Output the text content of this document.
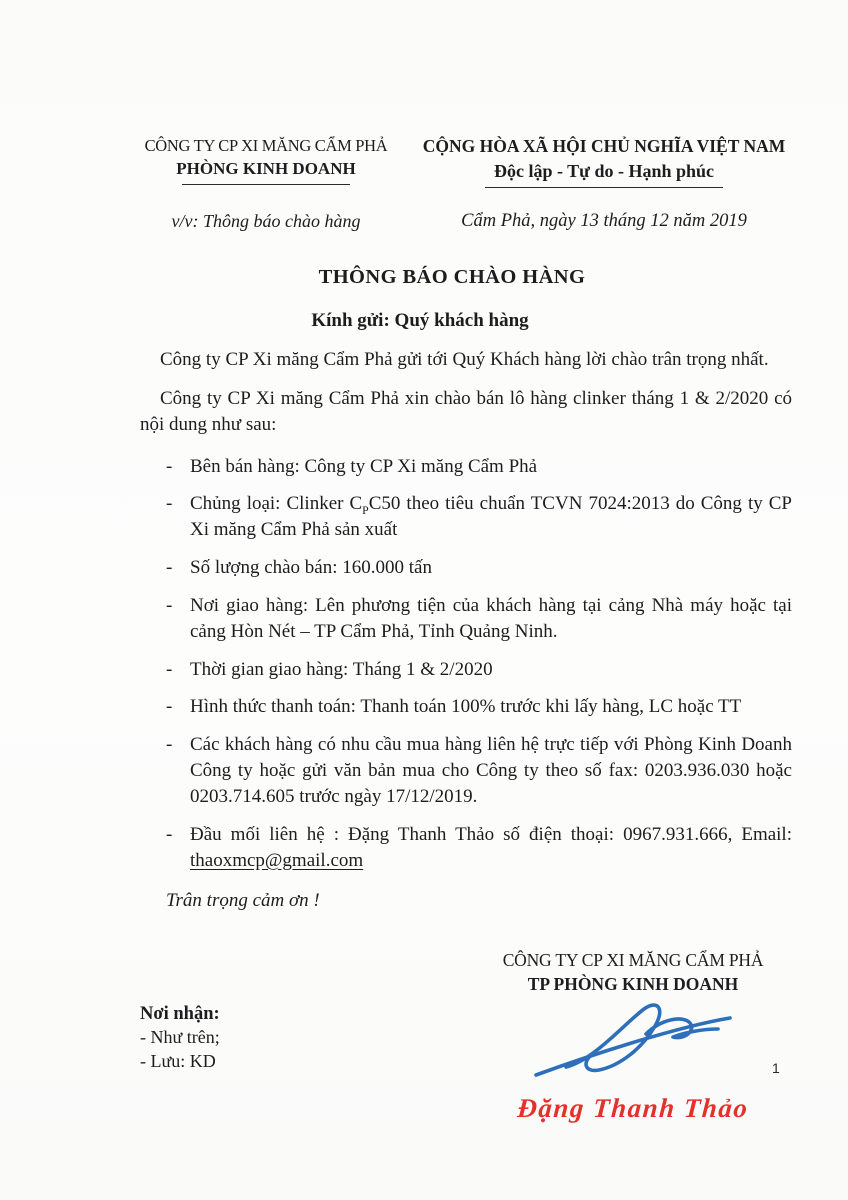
CÔNG TY CP XI MĂNG CẨM PHẢ
PHÒNG KINH DOANH
v/v: Thông báo chào hàng
CỘNG HÒA XÃ HỘI CHỦ NGHĨA VIỆT NAM
Độc lập - Tự do - Hạnh phúc
Cẩm Phả, ngày 13 tháng 12 năm 2019
THÔNG BÁO CHÀO HÀNG
Kính gửi: Quý khách hàng
Công ty CP Xi măng Cẩm Phả gửi tới Quý Khách hàng lời chào trân trọng nhất.
Công ty CP Xi măng Cẩm Phả xin chào bán lô hàng clinker tháng 1 & 2/2020 có nội dung như sau:
- Bên bán hàng: Công ty CP Xi măng Cẩm Phả
- Chủng loại: Clinker $C_PC50$ theo tiêu chuẩn TCVN 7024:2013 do Công ty CP Xi măng Cẩm Phả sản xuất
- Số lượng chào bán: 160.000 tấn
- Nơi giao hàng: Lên phương tiện của khách hàng tại cảng Nhà máy hoặc tại cảng Hòn Nét – TP Cẩm Phả, Tỉnh Quảng Ninh.
- Thời gian giao hàng: Tháng 1 & 2/2020
- Hình thức thanh toán: Thanh toán 100% trước khi lấy hàng, LC hoặc TT
- Các khách hàng có nhu cầu mua hàng liên hệ trực tiếp với Phòng Kinh Doanh Công ty hoặc gửi văn bản mua cho Công ty theo số fax: 0203.936.030 hoặc 0203.714.605 trước ngày 17/12/2019.
- Đầu mối liên hệ : Đặng Thanh Thảo số điện thoại: 0967.931.666, Email: thaoxmcp@gmail.com
Trân trọng cảm ơn !
Nơi nhận:
- Như trên;
- Lưu: KD
CÔNG TY CP XI MĂNG CẨM PHẢ
TP PHÒNG KINH DOANH
Đặng Thanh Thảo
1
